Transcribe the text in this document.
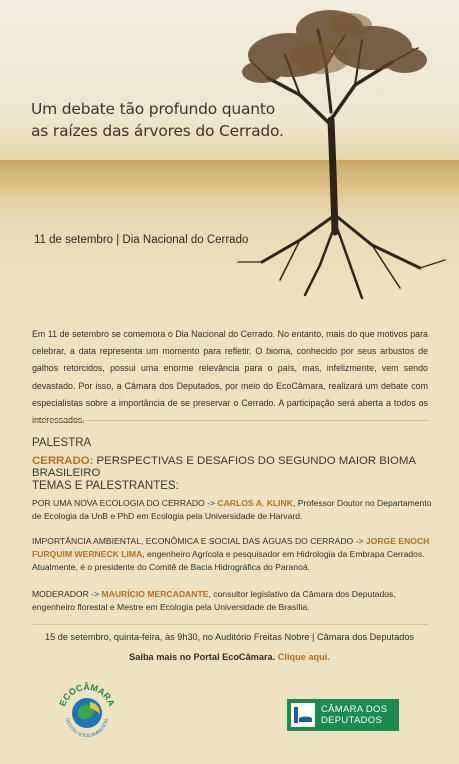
Um debate tão profundo quanto
as raízes das árvores do Cerrado.
11 de setembro | Dia Nacional do Cerrado

Em 11 de setembro se comemora o Dia Nacional do Cerrado. No entanto, mais do que motivos para celebrar, a data representa um momento para refletir. O bioma, conhecido por seus arbustos de galhos retorcidos, possui uma enorme relevância para o país, mas, infelizmente, vem sendo devastado. Por isso, a Câmara dos Deputados, por meio do EcoCâmara, realizará um debate com especialistas sobre a importância de se preservar o Cerrado. A participação será aberta a todos os interessados.

PALESTRA
CERRADO: PERSPECTIVAS E DESAFIOS DO SEGUNDO MAIOR BIOMA BRASILEIRO
TEMAS E PALESTRANTES:
POR UMA NOVA ECOLOGIA DO CERRADO -> CARLOS A. KLINK, Professor Doutor no Departamento de Ecologia da UnB e PhD em Ecologia pela Universidade de Harvard.
IMPORTÂNCIA AMBIENTAL, ECONÔMICA E SOCIAL DAS ÁGUAS DO CERRADO -> JORGE ENOCH FURQUIM WERNECK LIMA, engenheiro Agrícola e pesquisador em Hidrologia da Embrapa Cerrados. Atualmente, é o presidente do Comitê de Bacia Hidrográfica do Paranoá.
MODERADOR -> MAURÍCIO MERCADANTE, consultor legislativo da Câmara dos Deputados, engenheiro florestal e Mestre em Ecologia pela Universidade de Brasília.
15 de setembro, quinta-feira, às 9h30, no Auditório Freitas Nobre | Câmara dos Deputados
Saiba mais no Portal EcoCâmara. Clique aqui.
ECOCÂMARA
GESTÃO SOCIOAMBIENTAL
CÂMARA DOS
DEPUTADOS
